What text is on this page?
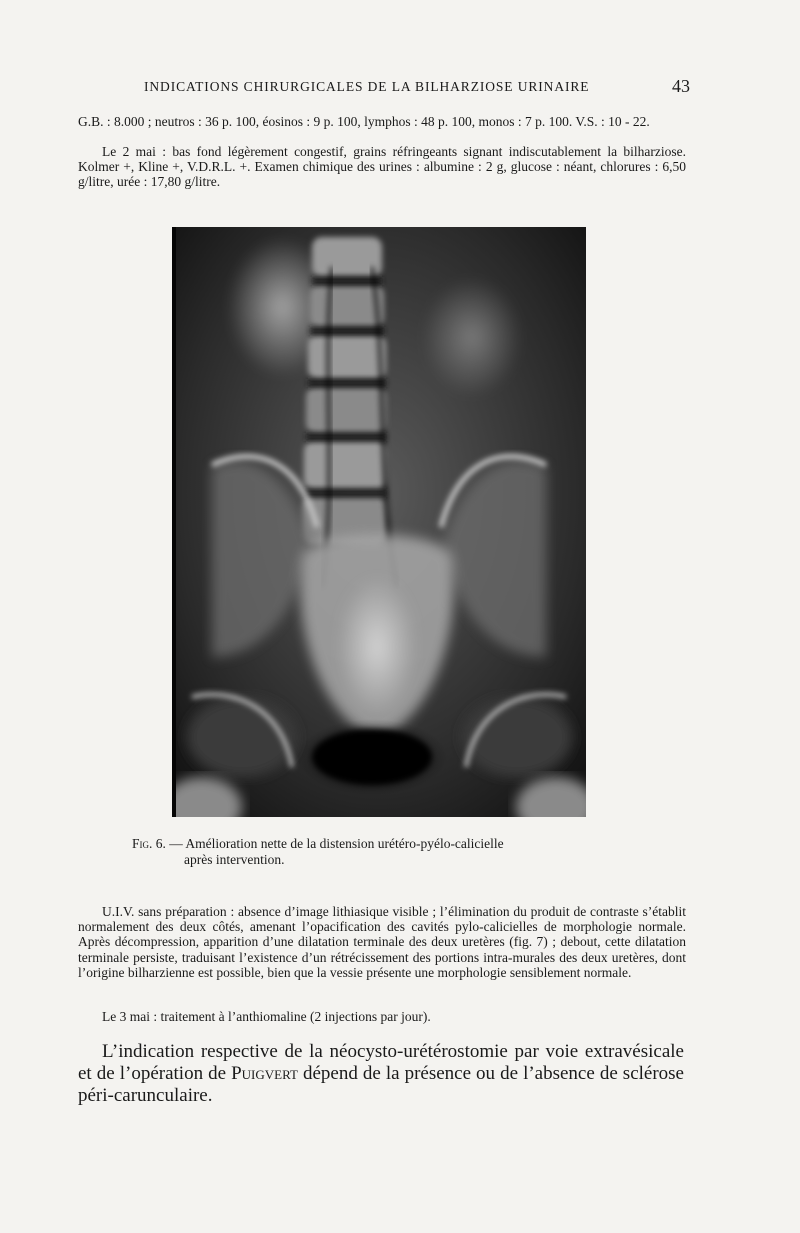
INDICATIONS CHIRURGICALES DE LA BILHARZIOSE URINAIRE	43

G.B. : 8.000 ; neutros : 36 p. 100, éosinos : 9 p. 100, lymphos : 48 p. 100, monos : 7 p. 100. V.S. : 10 - 22.

Le 2 mai : bas fond légèrement congestif, grains réfringeants signant indiscutablement la bilharziose. Kolmer +, Kline +, V.D.R.L. +. Examen chimique des urines : albumine : 2 g, glucose : néant, chlorures : 6,50 g/litre, urée : 17,80 g/litre.

Fig. 6. — Amélioration nette de la distension urétéro-pyélo-calicielle

après intervention.

U.I.V. sans préparation : absence d’image lithiasique visible ; l’élimination du produit de contraste s’établit normalement des deux côtés, amenant l’opacification des cavités pylo-calicielles de morphologie normale. Après décompression, apparition d’une dilatation terminale des deux uretères (fig. 7) ; debout, cette dilatation terminale persiste, traduisant l’existence d’un rétrécissement des portions intra-murales des deux uretères, dont l’origine bilharzienne est possible, bien que la vessie présente une morphologie sensiblement normale.

Le 3 mai : traitement à l’anthiomaline (2 injections par jour).

L’indication respective de la néocysto-urétérostomie par voie extravésicale et de l’opération de Puigvert dépend de la présence ou de l’absence de sclérose péri-carunculaire.
